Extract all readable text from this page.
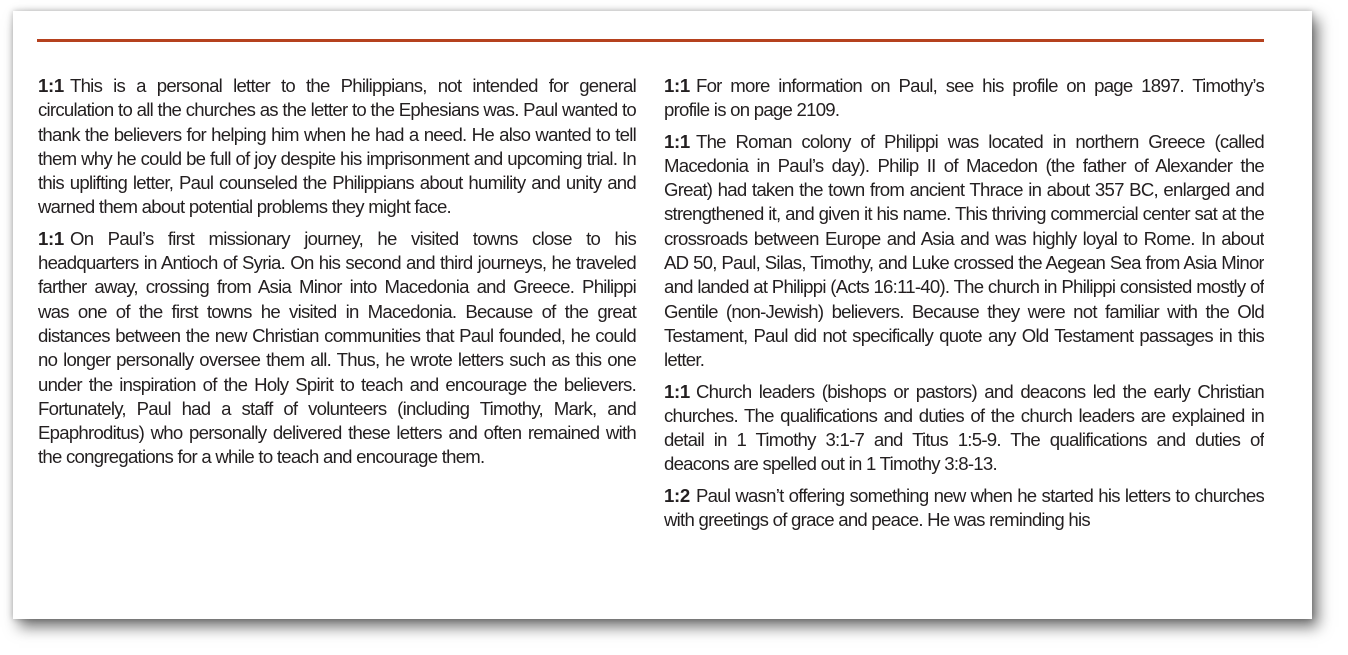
1:1 This is a personal letter to the Philippians, not intended for general circulation to all the churches as the letter to the Ephesians was. Paul wanted to thank the believers for helping him when he had a need. He also wanted to tell them why he could be full of joy despite his imprisonment and upcoming trial. In this uplifting letter, Paul counseled the Philippians about humility and unity and warned them about potential problems they might face.

1:1 On Paul’s first missionary journey, he visited towns close to his headquarters in Antioch of Syria. On his second and third journeys, he traveled farther away, crossing from Asia Minor into Macedonia and Greece. Philippi was one of the first towns he visited in Macedonia. Because of the great distances between the new Christian communities that Paul founded, he could no longer personally oversee them all. Thus, he wrote letters such as this one under the inspiration of the Holy Spirit to teach and encourage the believers. Fortunately, Paul had a staff of volunteers (including Timothy, Mark, and Epaphroditus) who personally delivered these letters and often remained with the congregations for a while to teach and encourage them.

1:1 For more information on Paul, see his profile on page 1897. Timothy’s profile is on page 2109.

1:1 The Roman colony of Philippi was located in northern Greece (called Macedonia in Paul’s day). Philip II of Macedon (the father of Alexander the Great) had taken the town from ancient Thrace in about 357 BC, enlarged and strengthened it, and given it his name. This thriving commercial center sat at the crossroads between Europe and Asia and was highly loyal to Rome. In about AD 50, Paul, Silas, Timothy, and Luke crossed the Aegean Sea from Asia Minor and landed at Philippi (Acts 16:11-40). The church in Philippi consisted mostly of Gentile (non-Jewish) believers. Because they were not familiar with the Old Testament, Paul did not specifically quote any Old Testament passages in this letter.

1:1 Church leaders (bishops or pastors) and deacons led the early Christian churches. The qualifications and duties of the church leaders are explained in detail in 1 Timothy 3:1-7 and Titus 1:5-9. The qualifications and duties of deacons are spelled out in 1 Timothy 3:8-13.

1:2 Paul wasn’t offering something new when he started his letters to churches with greetings of grace and peace. He was reminding his
